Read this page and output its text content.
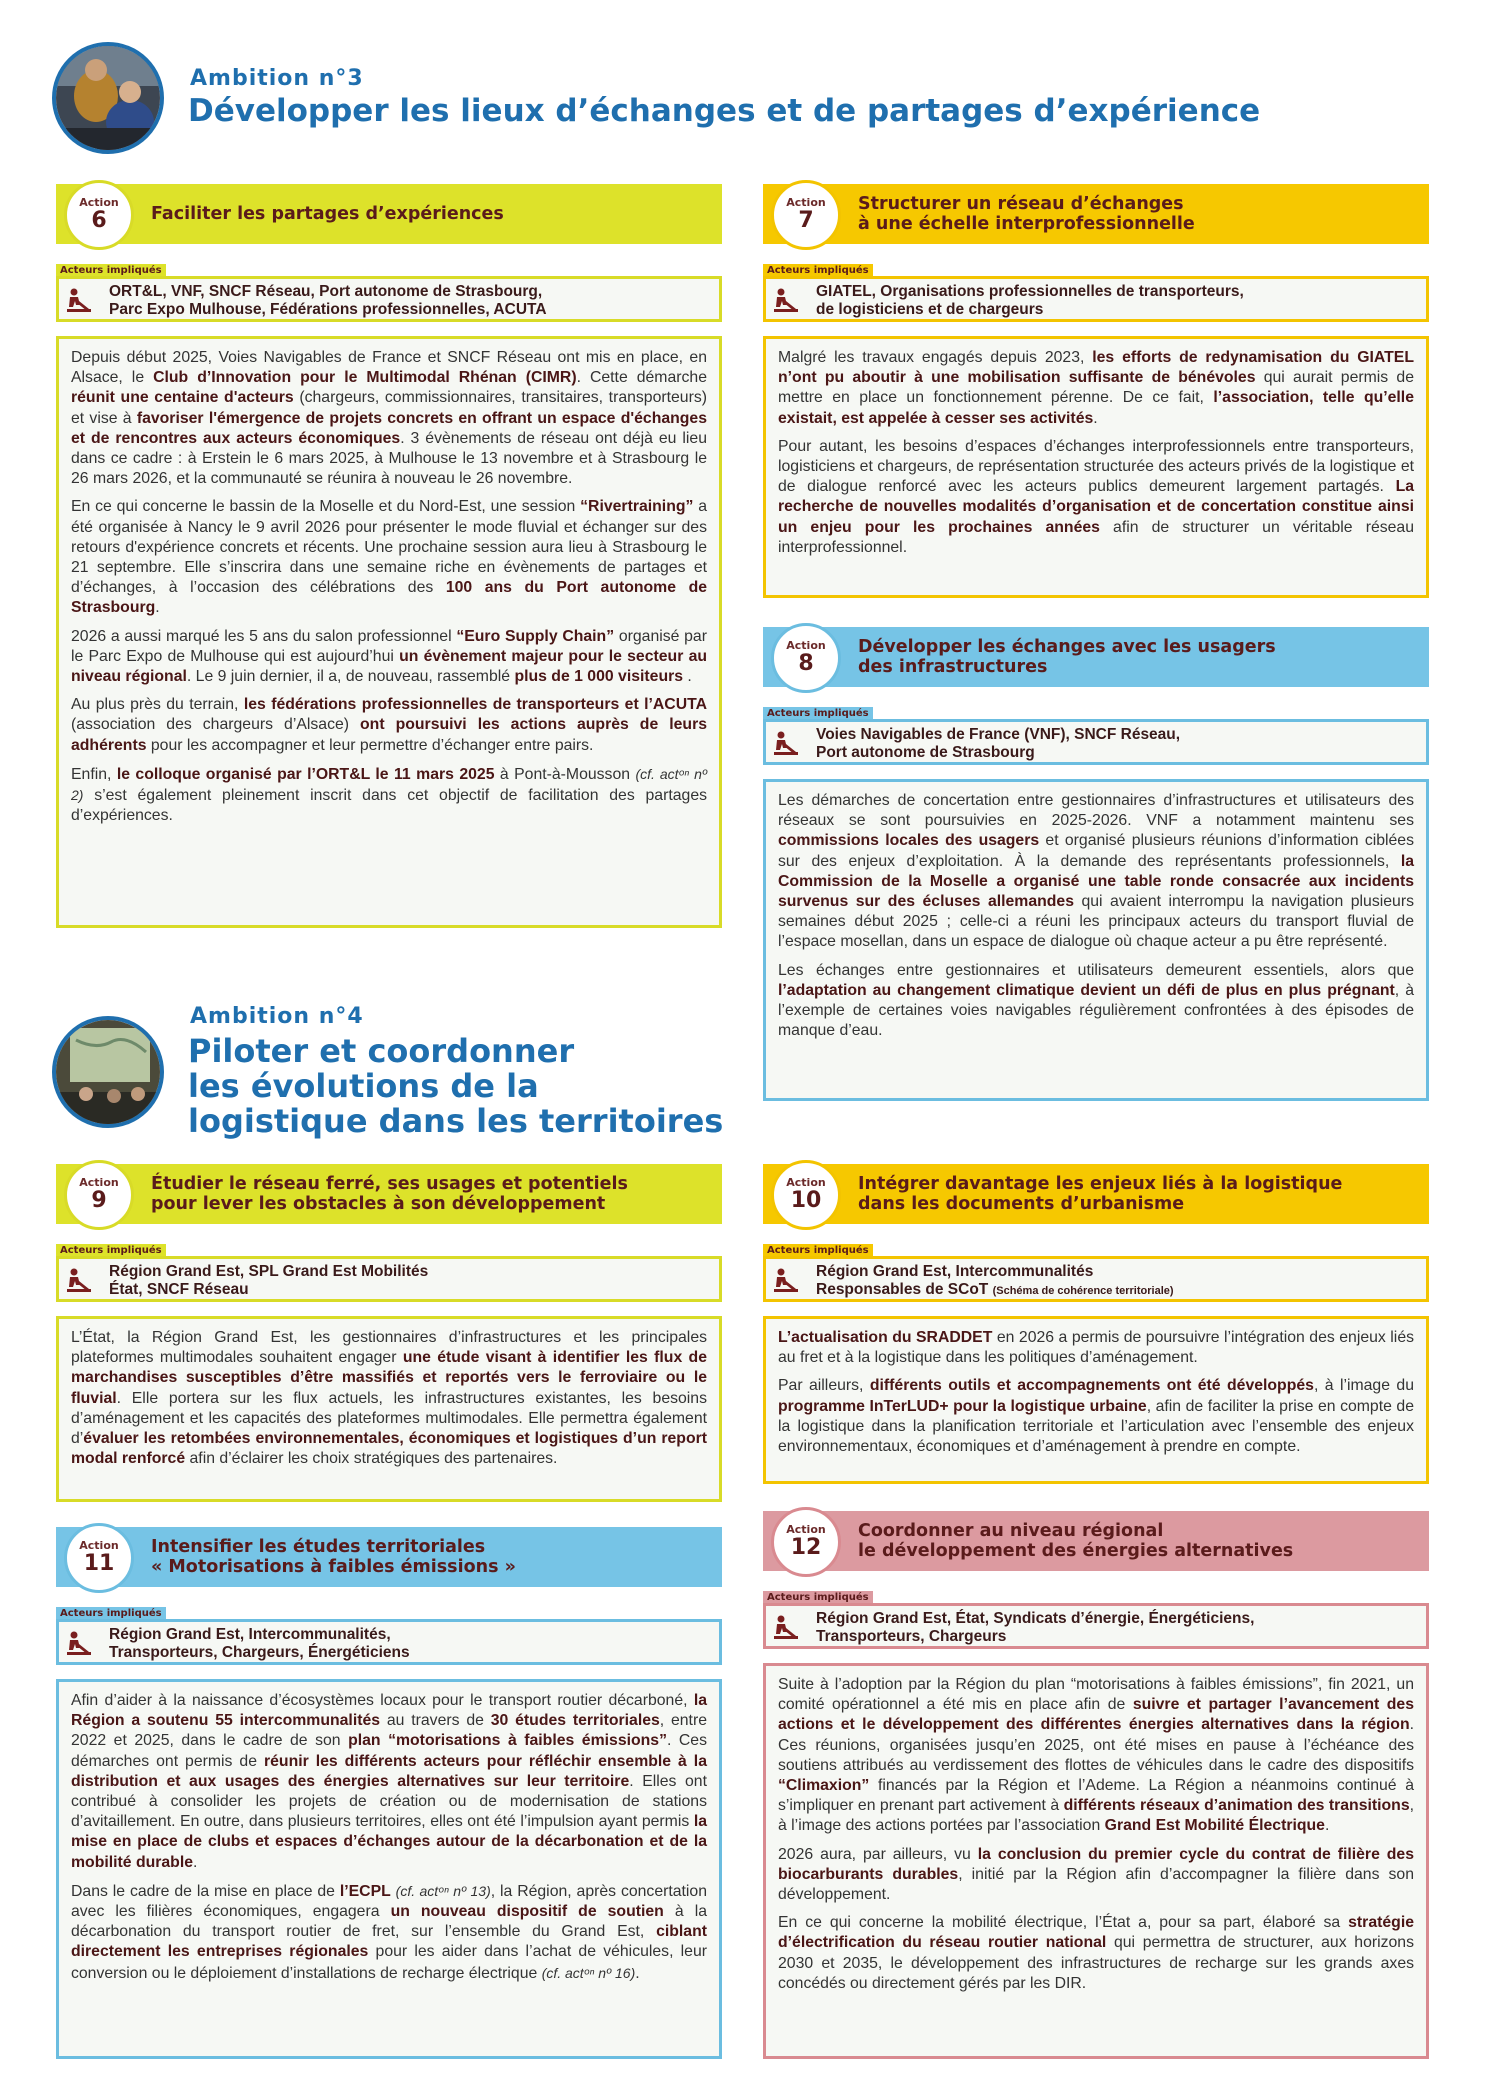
Ambition n°3
Développer les lieux d’échanges et de partages d’expérience
Action
6	Faciliter les partages d’expériences
Acteurs impliqués
ORT&L, VNF, SNCF Réseau, Port autonome de Strasbourg,
Parc Expo Mulhouse, Fédérations professionnelles, ACUTA

Depuis début 2025, Voies Navigables de France et SNCF Réseau ont mis en place, en Alsace, le Club d’Innovation pour le Multimodal Rhénan (CIMR). Cette démarche réunit une centaine d'acteurs (chargeurs, commissionnaires, transitaires, transporteurs) et vise à favoriser l'émergence de projets concrets en offrant un espace d'échanges et de rencontres aux acteurs économiques. 3 évènements de réseau ont déjà eu lieu dans ce cadre : à Erstein le 6 mars 2025, à Mulhouse le 13 novembre et à Strasbourg le 26 mars 2026, et la communauté se réunira à nouveau le 26 novembre.

En ce qui concerne le bassin de la Moselle et du Nord-Est, une session “Rivertraining” a été organisée à Nancy le 9 avril 2026 pour présenter le mode fluvial et échanger sur des retours d'expérience concrets et récents. Une prochaine session aura lieu à Strasbourg le 21 septembre. Elle s’inscrira dans une semaine riche en évènements de partages et d’échanges, à l’occasion des célébrations des 100 ans du Port autonome de Strasbourg.

2026 a aussi marqué les 5 ans du salon professionnel “Euro Supply Chain” organisé par le Parc Expo de Mulhouse qui est aujourd’hui un évènement majeur pour le secteur au niveau régional. Le 9 juin dernier, il a, de nouveau, rassemblé plus de 1 000 visiteurs .

Au plus près du terrain, les fédérations professionnelles de transporteurs et l’ACUTA (association des chargeurs d’Alsace) ont poursuivi les actions auprès de leurs adhérents pour les accompagner et leur permettre d’échanger entre pairs.

Enfin, le colloque organisé par l’ORT&L le 11 mars 2025 à Pont-à-Mousson (cf. actᵒⁿ nº 2) s’est également pleinement inscrit dans cet objectif de facilitation des partages d’expériences.

Action
7
Structurer un réseau d’échanges
à une échelle interprofessionnelle
Acteurs impliqués
GIATEL, Organisations professionnelles de transporteurs,
de logisticiens et de chargeurs

Malgré les travaux engagés depuis 2023, les efforts de redynamisation du GIATEL n’ont pu aboutir à une mobilisation suffisante de bénévoles qui aurait permis de mettre en place un fonctionnement pérenne. De ce fait, l’association, telle qu’elle existait, est appelée à cesser ses activités.

Pour autant, les besoins d’espaces d’échanges interprofessionnels entre transporteurs, logisticiens et chargeurs, de représentation structurée des acteurs privés de la logistique et de dialogue renforcé avec les acteurs publics demeurent largement partagés. La recherche de nouvelles modalités d’organisation et de concertation constitue ainsi un enjeu pour les prochaines années afin de structurer un véritable réseau interprofessionnel.

Action
8
Développer les échanges avec les usagers
des infrastructures
Acteurs impliqués
Voies Navigables de France (VNF), SNCF Réseau,
Port autonome de Strasbourg

Les démarches de concertation entre gestionnaires d’infrastructures et utilisateurs des réseaux se sont poursuivies en 2025-2026. VNF a notamment maintenu ses commissions locales des usagers et organisé plusieurs réunions d’information ciblées sur des enjeux d’exploitation. À la demande des représentants professionnels, la Commission de la Moselle a organisé une table ronde consacrée aux incidents survenus sur des écluses allemandes qui avaient interrompu la navigation plusieurs semaines début 2025 ; celle-ci a réuni les principaux acteurs du transport fluvial de l’espace mosellan, dans un espace de dialogue où chaque acteur a pu être représenté.

Les échanges entre gestionnaires et utilisateurs demeurent essentiels, alors que l’adaptation au changement climatique devient un défi de plus en plus prégnant, à l’exemple de certaines voies navigables régulièrement confrontées à des épisodes de manque d’eau.

Ambition n°4
Piloter et coordonner
les évolutions de la
logistique dans les territoires
Action
9
Étudier le réseau ferré, ses usages et potentiels
pour lever les obstacles à son développement
Acteurs impliqués
Région Grand Est, SPL Grand Est Mobilités
État, SNCF Réseau

L’État, la Région Grand Est, les gestionnaires d’infrastructures et les principales plateformes multimodales souhaitent engager une étude visant à identifier les flux de marchandises susceptibles d’être massifiés et reportés vers le ferroviaire ou le fluvial. Elle portera sur les flux actuels, les infrastructures existantes, les besoins d’aménagement et les capacités des plateformes multimodales. Elle permettra également d’évaluer les retombées environnementales, économiques et logistiques d’un report modal renforcé afin d’éclairer les choix stratégiques des partenaires.

Action
10
Intégrer davantage les enjeux liés à la logistique
dans les documents d’urbanisme
Acteurs impliqués
Région Grand Est, Intercommunalités
Responsables de SCoT (Schéma de cohérence territoriale)

L’actualisation du SRADDET en 2026 a permis de poursuivre l’intégration des enjeux liés au fret et à la logistique dans les politiques d’aménagement.

Par ailleurs, différents outils et accompagnements ont été développés, à l’image du programme InTerLUD+ pour la logistique urbaine, afin de faciliter la prise en compte de la logistique dans la planification territoriale et l’articulation avec l’ensemble des enjeux environnementaux, économiques et d’aménagement à prendre en compte.

Action
11
Intensifier les études territoriales
« Motorisations à faibles émissions »
Acteurs impliqués
Région Grand Est, Intercommunalités,
Transporteurs, Chargeurs, Énergéticiens

Afin d’aider à la naissance d’écosystèmes locaux pour le transport routier décarboné, la Région a soutenu 55 intercommunalités au travers de 30 études territoriales, entre 2022 et 2025, dans le cadre de son plan “motorisations à faibles émissions”. Ces démarches ont permis de réunir les différents acteurs pour réfléchir ensemble à la distribution et aux usages des énergies alternatives sur leur territoire. Elles ont contribué à consolider les projets de création ou de modernisation de stations d’avitaillement. En outre, dans plusieurs territoires, elles ont été l’impulsion ayant permis la mise en place de clubs et espaces d’échanges autour de la décarbonation et de la mobilité durable.

Dans le cadre de la mise en place de l’ECPL (cf. actᵒⁿ nº 13), la Région, après concertation avec les filières économiques, engagera un nouveau dispositif de soutien à la décarbonation du transport routier de fret, sur l’ensemble du Grand Est, ciblant directement les entreprises régionales pour les aider dans l’achat de véhicules, leur conversion ou le déploiement d’installations de recharge électrique (cf. actᵒⁿ nº 16).

Action
12
Coordonner au niveau régional
le développement des énergies alternatives
Acteurs impliqués
Région Grand Est, État, Syndicats d’énergie, Énergéticiens,
Transporteurs, Chargeurs

Suite à l’adoption par la Région du plan “motorisations à faibles émissions”, fin 2021, un comité opérationnel a été mis en place afin de suivre et partager l’avancement des actions et le développement des différentes énergies alternatives dans la région. Ces réunions, organisées jusqu’en 2025, ont été mises en pause à l’échéance des soutiens attribués au verdissement des flottes de véhicules dans le cadre des dispositifs “Climaxion” financés par la Région et l’Ademe. La Région a néanmoins continué à s’impliquer en prenant part activement à différents réseaux d’animation des transitions, à l’image des actions portées par l’association Grand Est Mobilité Électrique.

2026 aura, par ailleurs, vu la conclusion du premier cycle du contrat de filière des biocarburants durables, initié par la Région afin d’accompagner la filière dans son développement.

En ce qui concerne la mobilité électrique, l’État a, pour sa part, élaboré sa stratégie d’électrification du réseau routier national qui permettra de structurer, aux horizons 2030 et 2035, le développement des infrastructures de recharge sur les grands axes concédés ou directement gérés par les DIR.
